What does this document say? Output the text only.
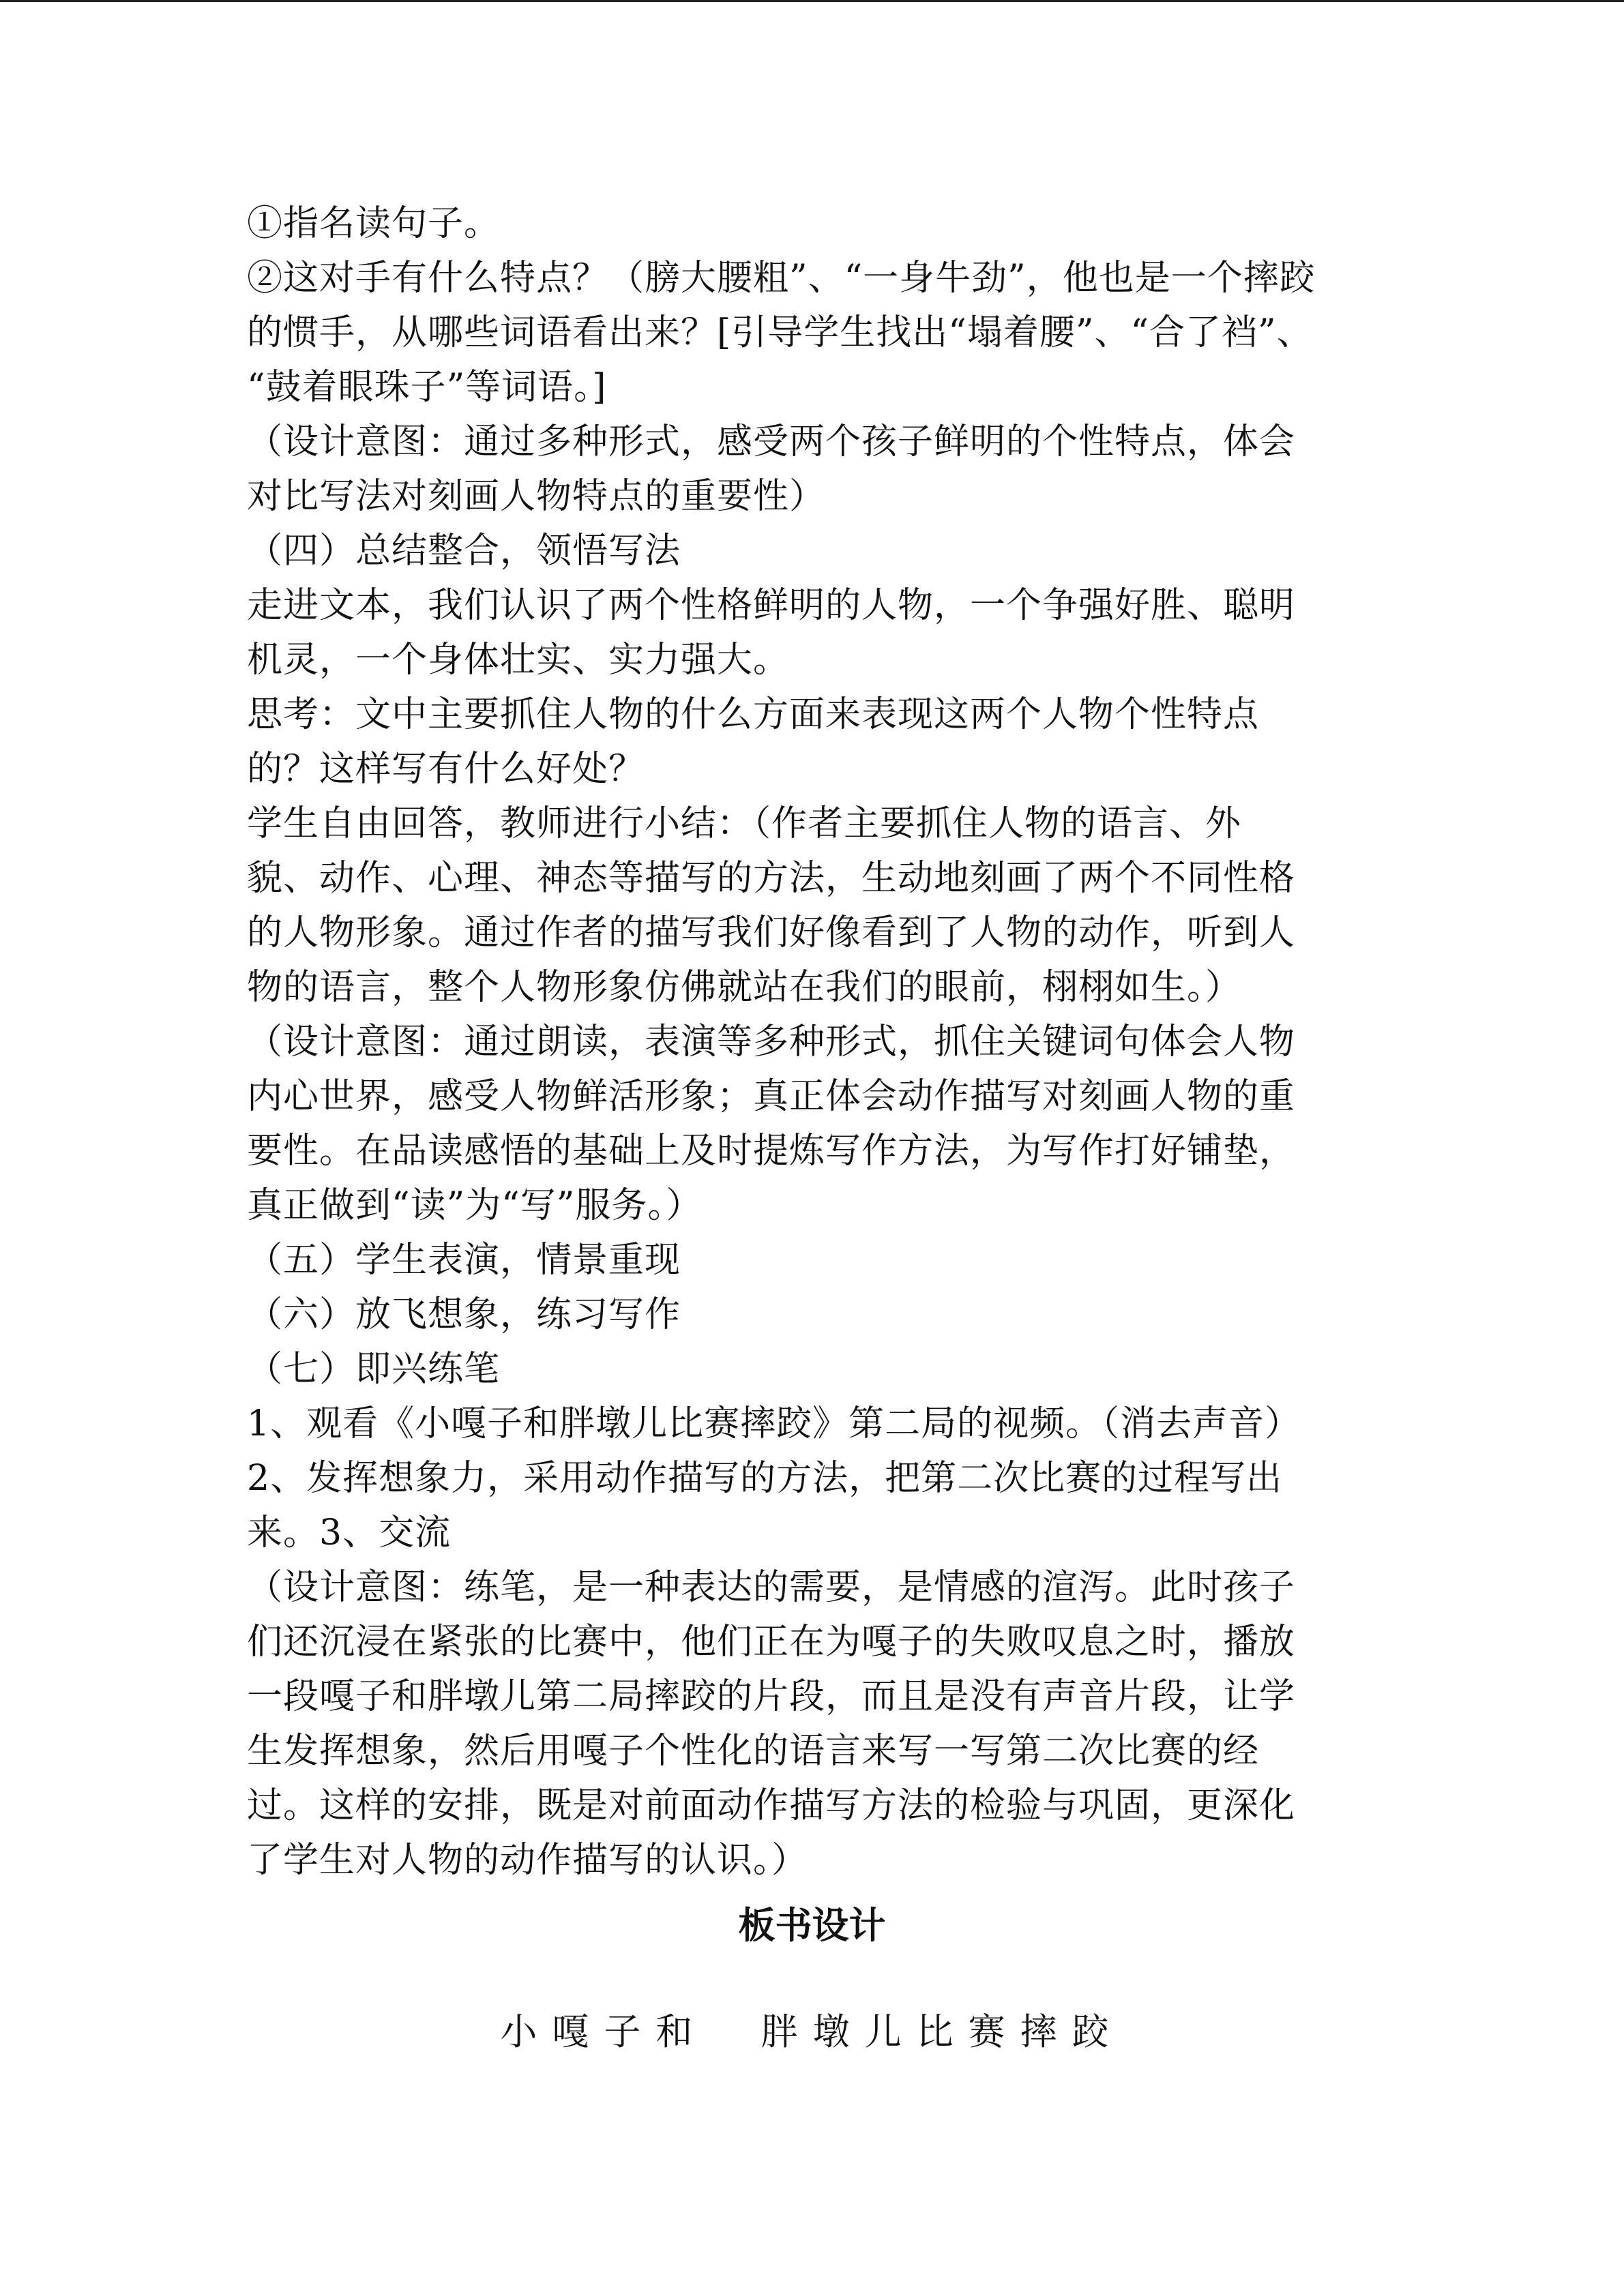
①指名读句子。
②这对手有什么特点？（膀大腰粗”、“一身牛劲”，他也是一个摔跤
的惯手，从哪些词语看出来？[引导学生找出“塌着腰”、“合了裆”、
“鼓着眼珠子”等词语。]
（设计意图：通过多种形式，感受两个孩子鲜明的个性特点，体会
对比写法对刻画人物特点的重要性）
（四）总结整合，领悟写法
走进文本，我们认识了两个性格鲜明的人物，一个争强好胜、聪明
机灵，一个身体壮实、实力强大。
思考：文中主要抓住人物的什么方面来表现这两个人物个性特点
的？这样写有什么好处？
学生自由回答，教师进行小结：（作者主要抓住人物的语言、外
貌、动作、心理、神态等描写的方法，生动地刻画了两个不同性格
的人物形象。通过作者的描写我们好像看到了人物的动作，听到人
物的语言，整个人物形象仿佛就站在我们的眼前，栩栩如生。）
（设计意图：通过朗读，表演等多种形式，抓住关键词句体会人物
内心世界，感受人物鲜活形象；真正体会动作描写对刻画人物的重
要性。在品读感悟的基础上及时提炼写作方法，为写作打好铺垫，
真正做到“读”为“写”服务。）
（五）学生表演，情景重现
（六）放飞想象，练习写作
（七）即兴练笔
1、观看《小嘎子和胖墩儿比赛摔跤》第二局的视频。（消去声音）
2、发挥想象力，采用动作描写的方法，把第二次比赛的过程写出
来。3、交流
（设计意图：练笔，是一种表达的需要，是情感的渲泻。此时孩子
们还沉浸在紧张的比赛中，他们正在为嘎子的失败叹息之时，播放
一段嘎子和胖墩儿第二局摔跤的片段，而且是没有声音片段，让学
生发挥想象，然后用嘎子个性化的语言来写一写第二次比赛的经
过。这样的安排，既是对前面动作描写方法的检验与巩固，更深化
了学生对人物的动作描写的认识。）
板书设计
小嘎子和  胖墩儿比赛摔跤
